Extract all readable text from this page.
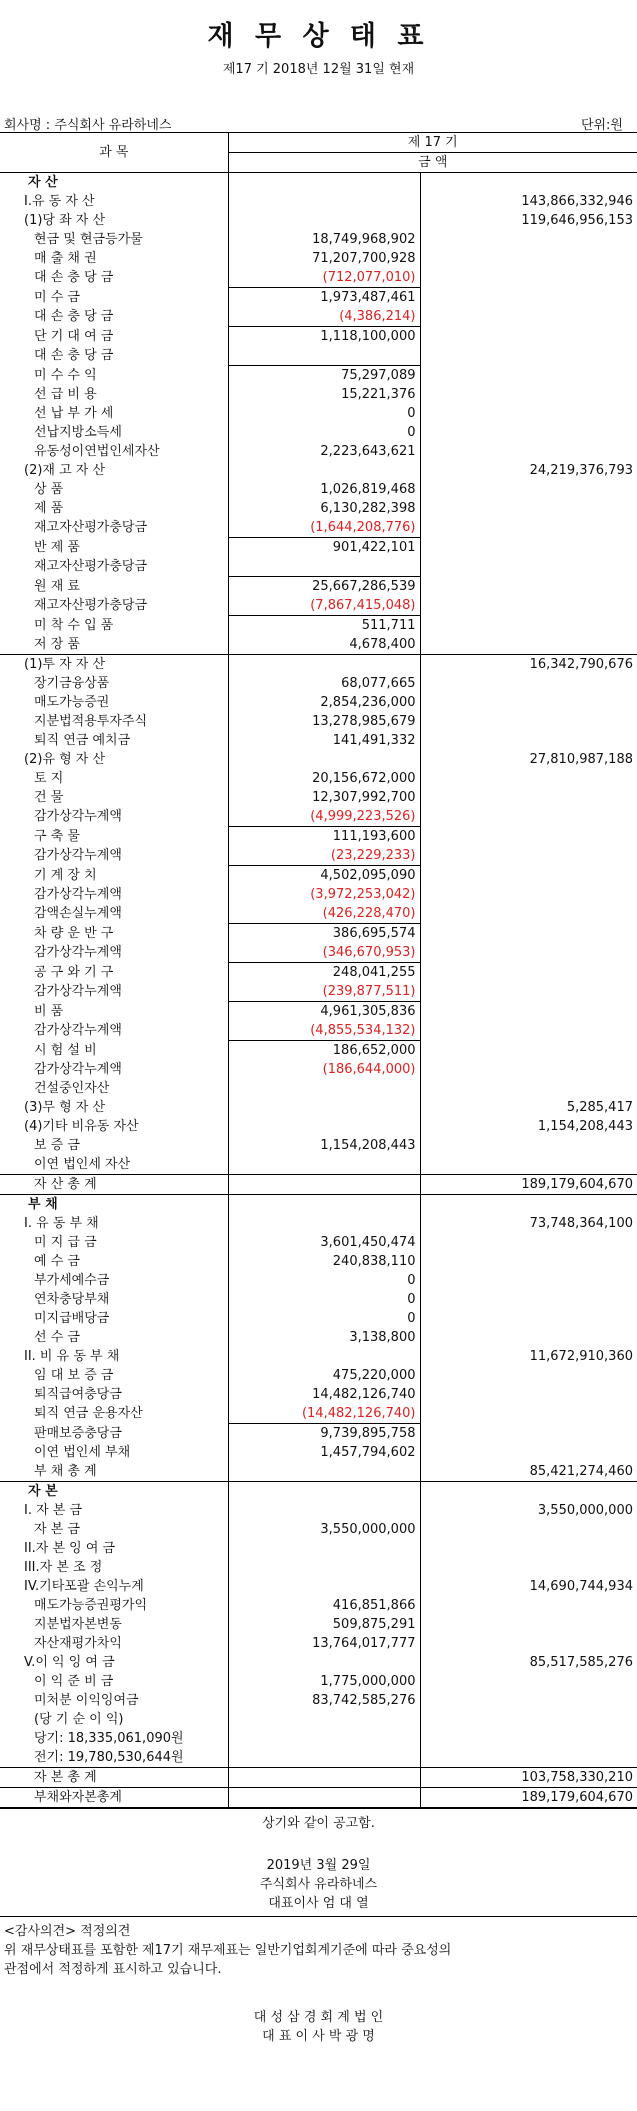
재 무 상 태 표
제17 기 2018년 12월 31일 현재
회사명 : 주식회사 유라하네스	단위:원
과 목	제 17 기	
	금 액	
자 산		
Ⅰ.유 동 자 산		143,866,332,946
(1)당 좌 자 산		119,646,956,153
현금 및 현금등가물	18,749,968,902	
매 출 채 권	71,207,700,928	
대 손 충 당 금	(712,077,010)	
미 수 금	1,973,487,461	
대 손 충 당 금	(4,386,214)	
단 기 대 여 금	1,118,100,000	
대 손 충 당 금		
미 수 수 익	75,297,089	
선 급 비 용	15,221,376	
선 납 부 가 세	0	
선납지방소득세	0	
유동성이연법인세자산	2,223,643,621	
(2)재 고 자 산		24,219,376,793
상 품	1,026,819,468	
제 품	6,130,282,398	
재고자산평가충당금	(1,644,208,776)	
반 제 품	901,422,101	
재고자산평가충당금		
원 재 료	25,667,286,539	
재고자산평가충당금	(7,867,415,048)	
미 착 수 입 품	511,711	
저 장 품	4,678,400	
(1)투 자 자 산		16,342,790,676
장기금융상품	68,077,665	
매도가능증권	2,854,236,000	
지분법적용투자주식	13,278,985,679	
퇴직 연금 예치금	141,491,332	
(2)유 형 자 산		27,810,987,188
토 지	20,156,672,000	
건 물	12,307,992,700	
감가상각누계액	(4,999,223,526)	
구 축 물	111,193,600	
감가상각누계액	(23,229,233)	
기 계 장 치	4,502,095,090	
감가상각누계액	(3,972,253,042)	
감액손실누계액	(426,228,470)	
차 량 운 반 구	386,695,574	
감가상각누계액	(346,670,953)	
공 구 와 기 구	248,041,255	
감가상각누계액	(239,877,511)	
비 품	4,961,305,836	
감가상각누계액	(4,855,534,132)	
시 험 설 비	186,652,000	
감가상각누계액	(186,644,000)	
건설중인자산		
(3)무 형 자 산		5,285,417
(4)기타 비유동 자산		1,154,208,443
보 증 금	1,154,208,443	
이연 법인세 자산		
자 산 총 계		189,179,604,670
부 채		
Ⅰ. 유 동 부 채		73,748,364,100
미 지 급 금	3,601,450,474	
예 수 금	240,838,110	
부가세예수금	0	
연차충당부채	0	
미지급배당금	0	
선 수 금	3,138,800	
II. 비 유 동 부 채		11,672,910,360
임 대 보 증 금	475,220,000	
퇴직급여충당금	14,482,126,740	
퇴직 연금 운용자산	(14,482,126,740)	
판매보증충당금	9,739,895,758	
이연 법인세 부채	1,457,794,602	
부 채 총 계		85,421,274,460
자 본		
I. 자 본 금		3,550,000,000
자 본 금	3,550,000,000	
II.자 본 잉 여 금		
III.자 본 조 정		
IV.기타포괄 손익누계		14,690,744,934
매도가능증권평가익	416,851,866	
지분법자본변동	509,875,291	
자산재평가차익	13,764,017,777	
V.이 익 잉 여 금		85,517,585,276
이 익 준 비 금	1,775,000,000	
미처분 이익잉여금	83,742,585,276	
(당 기 순 이 익)		
당기: 18,335,061,090원		
전기: 19,780,530,644원		
자 본 총 계		103,758,330,210
부채와자본총계		189,179,604,670
상기와 같이 공고함.
2019년 3월 29일
주식회사 유라하네스
대표이사 엄 대 열
<감사의견> 적정의견
위 재무상태표를 포함한 제17기 재무제표는 일반기업회계기준에 따라 중요성의
관점에서 적정하게 표시하고 있습니다.
대 성 삼 경 회 계 법 인
대 표 이 사 박 광 명
